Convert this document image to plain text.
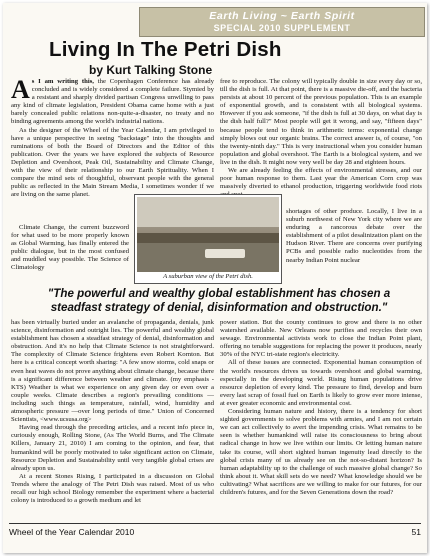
Earth Living ~ Earth Spirit
SPECIAL 2010 SUPPLEMENT
Living In The Petri Dish
by Kurt Talking Stone

As I am writing this, the Copenhagen Conference has already concluded and is widely considered a complete failure. Stymied by a resistant and sharply divided partisan Congress unwilling to pass any kind of climate legislation, President Obama came home with a just barely concealed public relations non-quite-a-disaster, no treaty and no binding agreements among the world's industrial nations.

As the designer of the Wheel of the Year Calendar, I am privileged to have a unique perspective in seeing "backstage" into the thoughts and ruminations of both the Board of Directors and the Editor of this publication. Over the years we have explored the subjects of Resource Depletion and Overshoot, Peak Oil, Sustainability and Climate Change, with the view of their relationship to our Earth Spirituality. When I compare the mind sets of thoughtful, observant people with the general public as reflected in the Main Stream Media, I sometimes wonder if we are living on the same planet.

Climate Change, the current buzzword for what used to be more properly known as Global Warming, has finally entered the public dialogue, but in the most confused and muddled way possible. The Science of Climatology

free to reproduce. The colony will typically double in size every day or so, till the dish is full. At that point, there is a massive die-off, and the bacteria persists at about 10 percent of the previous population. This is an example of exponential growth, and is consistent with all biological systems. However if you ask someone, "if the dish is full at 30 days, on what day is the dish half full?" Most people will get it wrong, and say, "fifteen days" because people tend to think in arithmetic terms: exponential change simply blows out our organic brains. The correct answer is, of course, "on the twenty-ninth day." This is very instructional when you consider human population and global overshoot. The Earth is a biological system, and we live in the dish. It might now very well be day 28 and eighteen hours.

We are already feeling the effects of environmental stresses, and our poor human response to them. Last year the American Corn crop was massively diverted to ethanol production, triggering worldwide food riots

shortages of other produce. Locally, I live in a suburb northwest of New York city where we are enduring a rancorous debate over the establishment of a pilot desalinization plant on the Hudson River. There are concerns over purifying PCBs and possible radio nucleotides from the nearby Indian Point nuclear

A suburban view of the Petri dish.

"The powerful and wealthy global establishment has chosen a steadfast strategy of denial, disinformation and obstruction."

has been virtually buried under an avalanche of propaganda, denials, junk science, disinformation and outright lies. The powerful and wealthy global establishment has chosen a steadfast strategy of denial, disinformation and obstruction. And it's no help that Climate Science is not straightforward. The complexity of Climate Science frightens even Robert Kornton. But here is a critical concept worth sharing: "A few snow storms, cold snaps or even heat waves do not prove anything about climate change, because there is a significant difference between weather and climate. (my emphasis - KTS) Weather is what we experience on any given day or even over a couple weeks. Climate describes a region's prevailing conditions —including such things as temperature, rainfall, wind, humidity and atmospheric pressure —over long periods of time." Union of Concerned Scientists, <www.ucsusa.org>

Having read through the preceding articles, and a recent info piece in, curiously enough, Rolling Stone, (As The World Burns, and The Climate Killers, January 21, 2010) I am coming to the opinion, and fear, that humankind will be poorly motivated to take significant action on Climate, Resource Depletion and Sustainability until very tangible global crises are already upon us.

At a recent Stones Rising, I participated in a discussion on Global Trends where the analogy of The Petri Dish was raised. Most of us who recall our high school Biology remember the experiment where a bacterial colony is introduced to a growth medium and let

power station. But the county continues to grow and there is no other watershed available. New Orleans now purifies and recycles their own sewage. Environmental activists work to close the Indian Point plant, offering no tenable suggestions for replacing the power it produces, nearly 30% of the NYC tri-state region's electricity.

All of these issues are connected. Exponential human consumption of the world's resources drives us towards overshoot and global warming, especially in the developing world. Rising human populations drive resource depletion of every kind. The pressure to find, develop and burn every last scrap of fossil fuel on Earth is likely to grow ever more intense, at ever greater economic and environmental cost.

Considering human nature and history, there is a tendency for short sighted governments to solve problems with armies, and I am not certain we can act collectively to avert the impending crisis. What remains to be seen is whether humankind will raise its consciousness to bring about radical change in how we live within our limits. Or letting human nature take its course, will short sighted human ingenuity lead directly to the global crisis many of us already see on the not-so-distant horizon? Is human adaptability up to the challenge of such massive global change? So think about it. What skill sets do we need? What knowledge should we be cultivating? What sacrifices are we willing to make for our futures, for our children's futures, and for the Seven Generations down the road?

Wheel of the Year Calendar 2010	51
